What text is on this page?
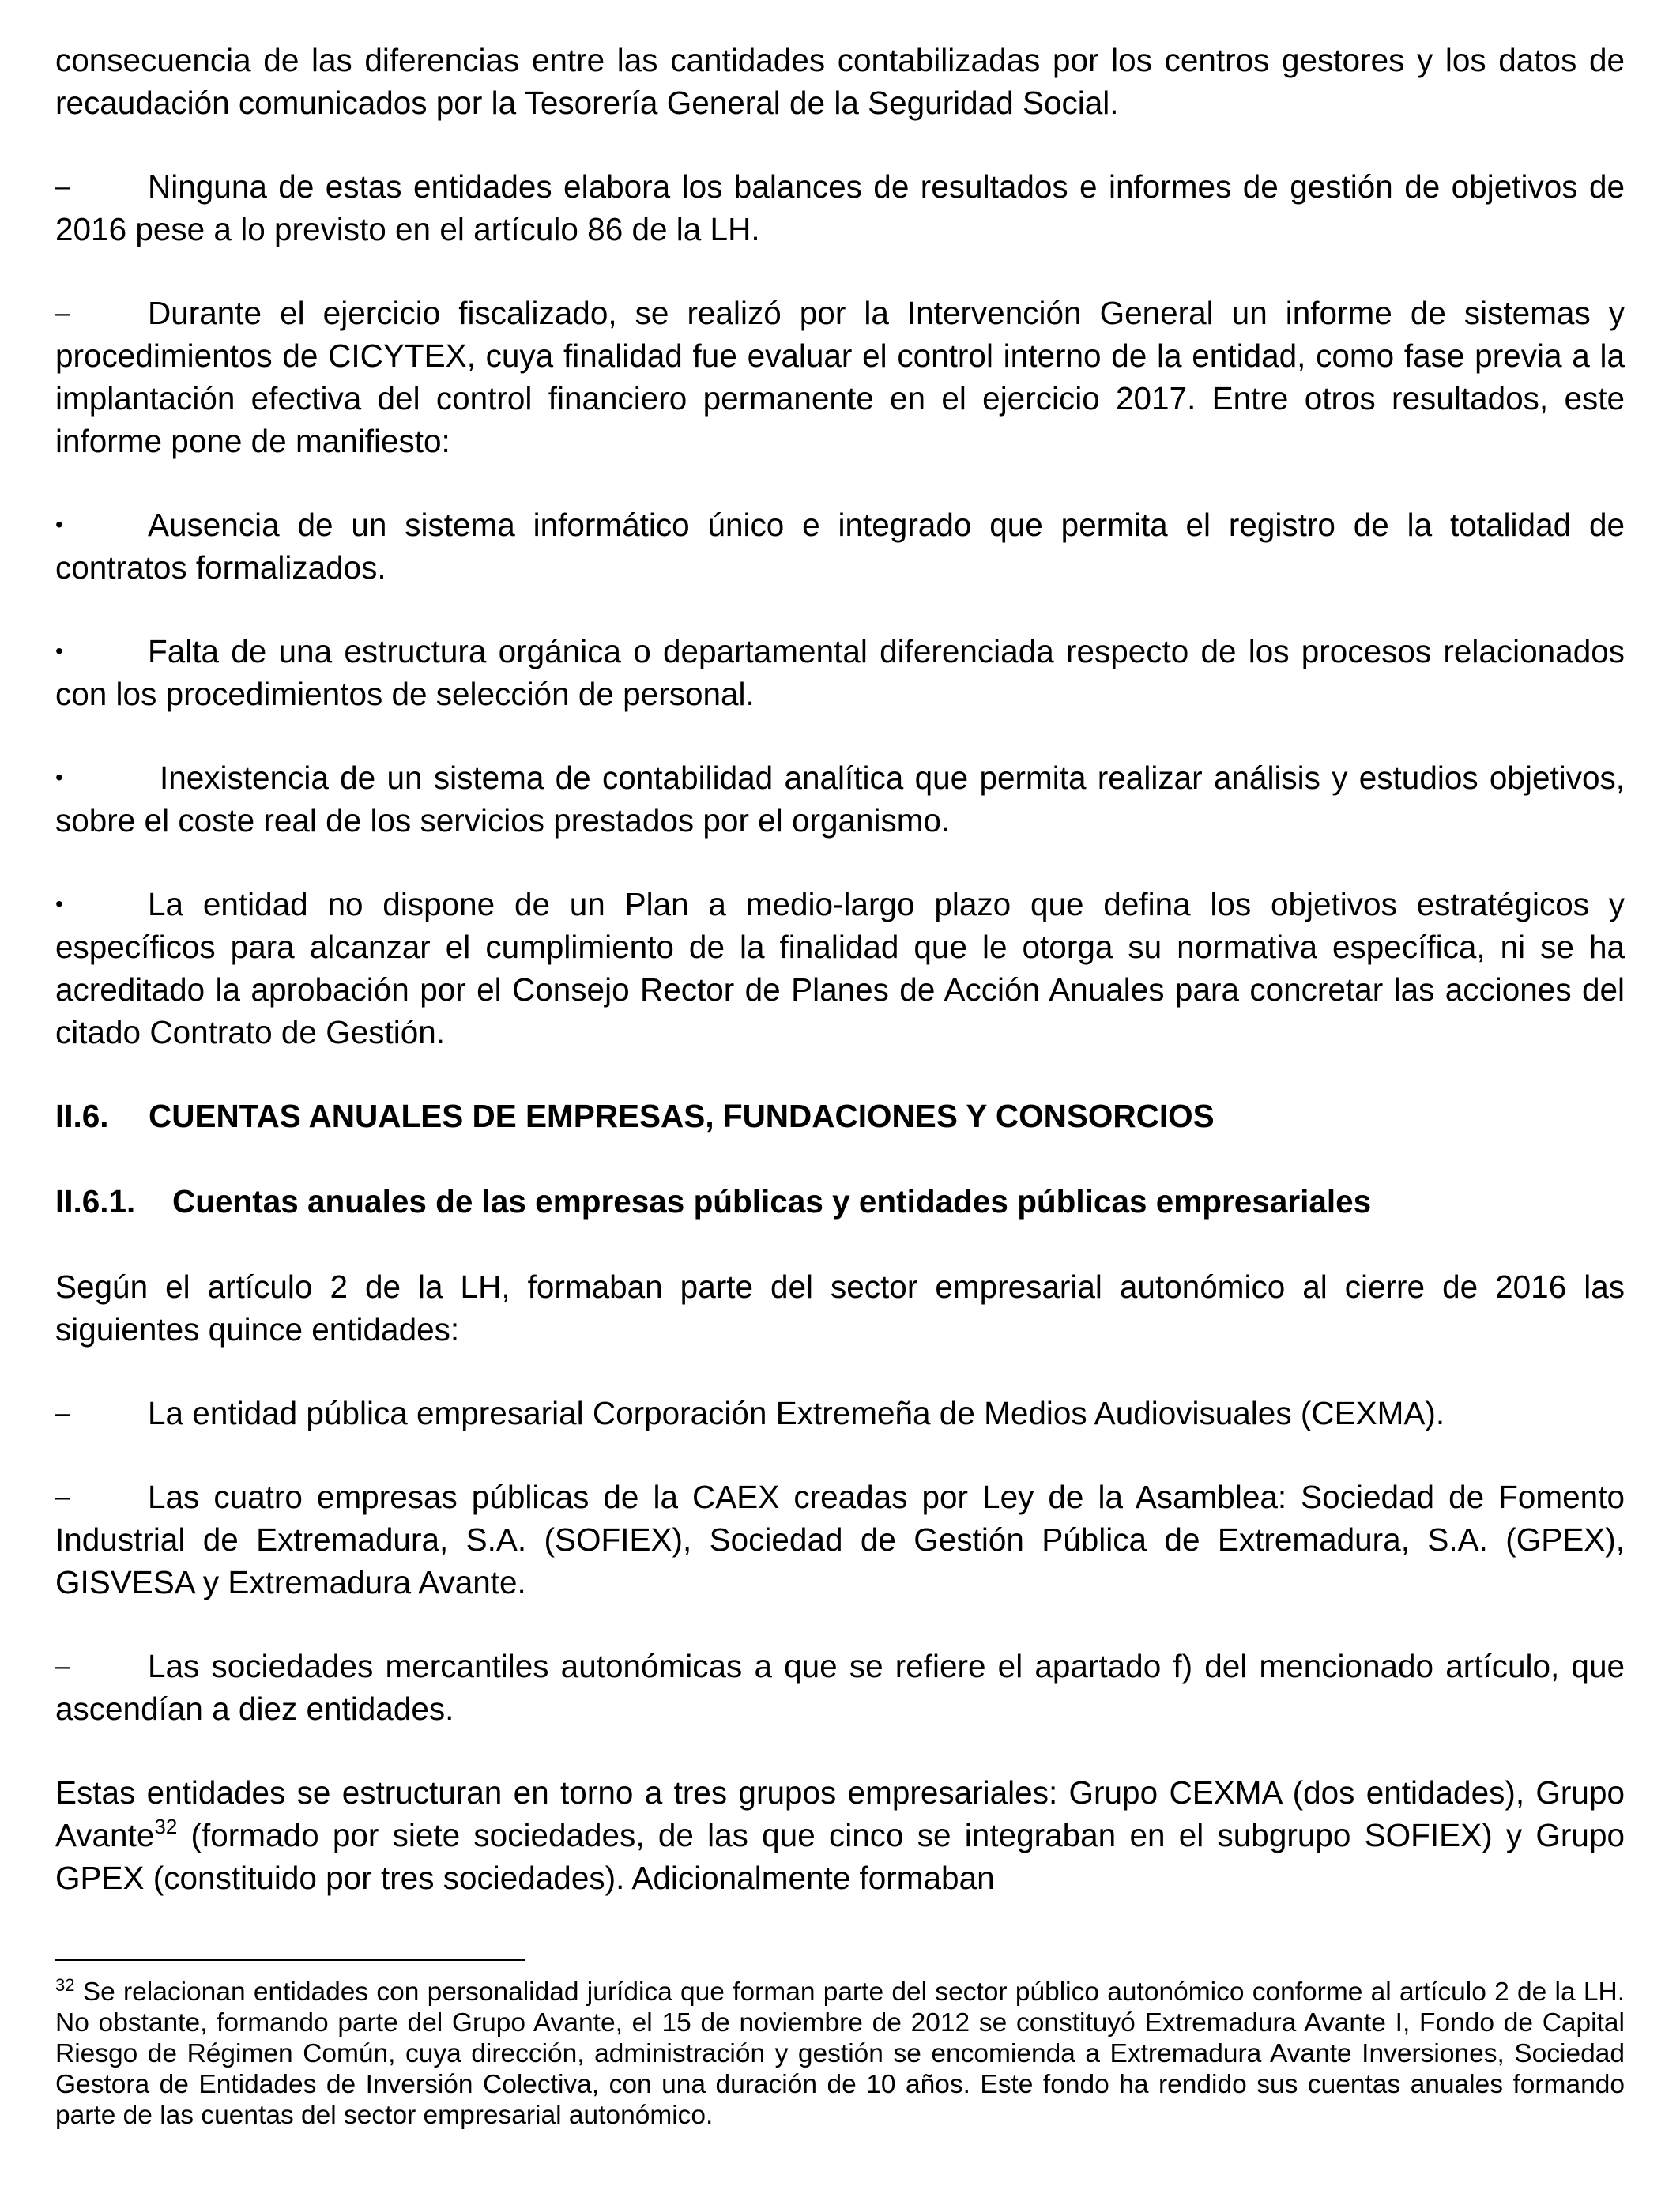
consecuencia de las diferencias entre las cantidades contabilizadas por los centros gestores y los datos de recaudación comunicados por la Tesorería General de la Seguridad Social.

–	Ninguna de estas entidades elabora los balances de resultados e informes de gestión de objetivos de 2016 pese a lo previsto en el artículo 86 de la LH.
–	Durante el ejercicio fiscalizado, se realizó por la Intervención General un informe de sistemas y procedimientos de CICYTEX, cuya finalidad fue evaluar el control interno de la entidad, como fase previa a la implantación efectiva del control financiero permanente en el ejercicio 2017. Entre otros resultados, este informe pone de manifiesto:
•	Ausencia de un sistema informático único e integrado que permita el registro de la totalidad de contratos formalizados.
•	Falta de una estructura orgánica o departamental diferenciada respecto de los procesos relacionados con los procedimientos de selección de personal.
•	Inexistencia de un sistema de contabilidad analítica que permita realizar análisis y estudios objetivos, sobre el coste real de los servicios prestados por el organismo.
•	La entidad no dispone de un Plan a medio-largo plazo que defina los objetivos estratégicos y específicos para alcanzar el cumplimiento de la finalidad que le otorga su normativa específica, ni se ha acreditado la aprobación por el Consejo Rector de Planes de Acción Anuales para concretar las acciones del citado Contrato de Gestión.
II.6. CUENTAS ANUALES DE EMPRESAS, FUNDACIONES Y CONSORCIOS
II.6.1. Cuentas anuales de las empresas públicas y entidades públicas empresariales

Según el artículo 2 de la LH, formaban parte del sector empresarial autonómico al cierre de 2016 las siguientes quince entidades:

–	La entidad pública empresarial Corporación Extremeña de Medios Audiovisuales (CEXMA).
–	Las cuatro empresas públicas de la CAEX creadas por Ley de la Asamblea: Sociedad de Fomento Industrial de Extremadura, S.A. (SOFIEX), Sociedad de Gestión Pública de Extremadura, S.A. (GPEX), GISVESA y Extremadura Avante.
–	Las sociedades mercantiles autonómicas a que se refiere el apartado f) del mencionado artículo, que ascendían a diez entidades.

Estas entidades se estructuran en torno a tres grupos empresariales: Grupo CEXMA (dos entidades), Grupo Avante$^{32}$ (formado por siete sociedades, de las que cinco se integraban en el subgrupo SOFIEX) y Grupo GPEX (constituido por tres sociedades). Adicionalmente formaban

$^{32}$ Se relacionan entidades con personalidad jurídica que forman parte del sector público autonómico conforme al artículo 2 de la LH. No obstante, formando parte del Grupo Avante, el 15 de noviembre de 2012 se constituyó Extremadura Avante I, Fondo de Capital Riesgo de Régimen Común, cuya dirección, administración y gestión se encomienda a Extremadura Avante Inversiones, Sociedad Gestora de Entidades de Inversión Colectiva, con una duración de 10 años. Este fondo ha rendido sus cuentas anuales formando parte de las cuentas del sector empresarial autonómico.
